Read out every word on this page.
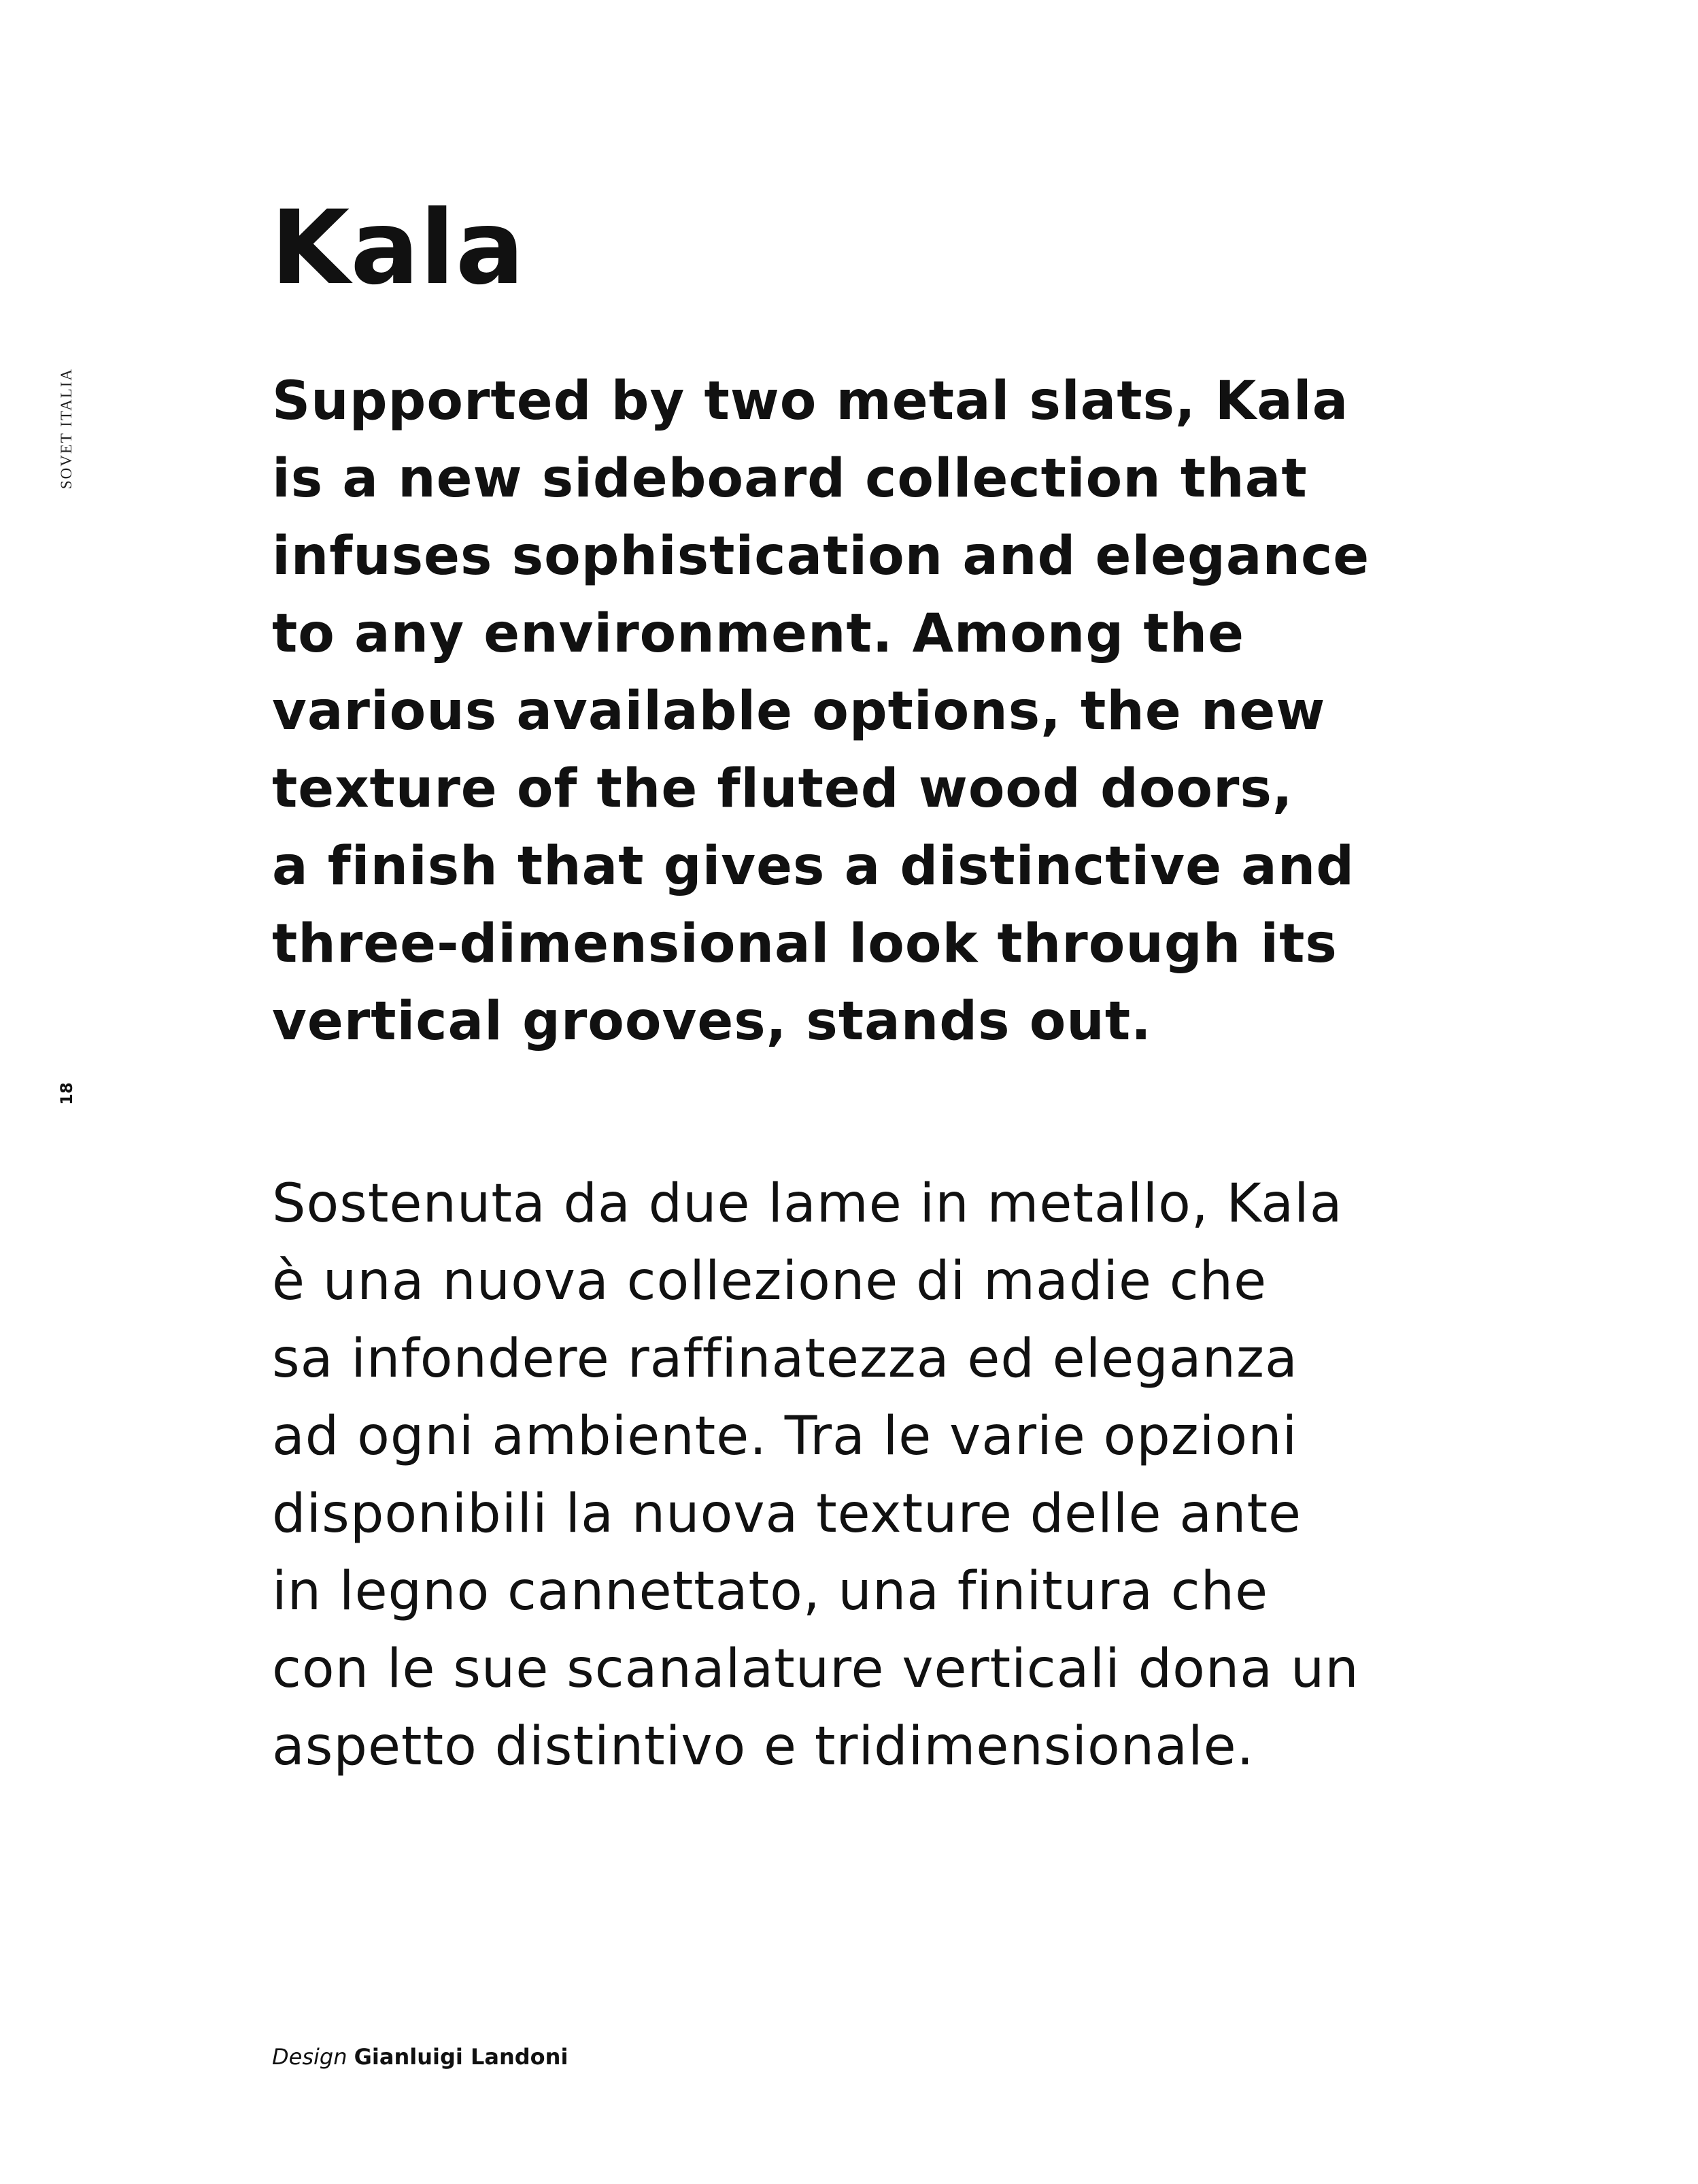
SOVET ITALIA
18
Kala

Supported by two metal slats, Kala
is a new sideboard collection that
infuses sophistication and elegance
to any environment. Among the
various available options, the new
texture of the fluted wood doors,
a finish that gives a distinctive and
three-dimensional look through its
vertical grooves, stands out.

Sostenuta da due lame in metallo, Kala
è una nuova collezione di madie che
sa infondere raffinatezza ed eleganza
ad ogni ambiente. Tra le varie opzioni
disponibili la nuova texture delle ante
in legno cannettato, una finitura che
con le sue scanalature verticali dona un
aspetto distintivo e tridimensionale.

Design Gianluigi Landoni
